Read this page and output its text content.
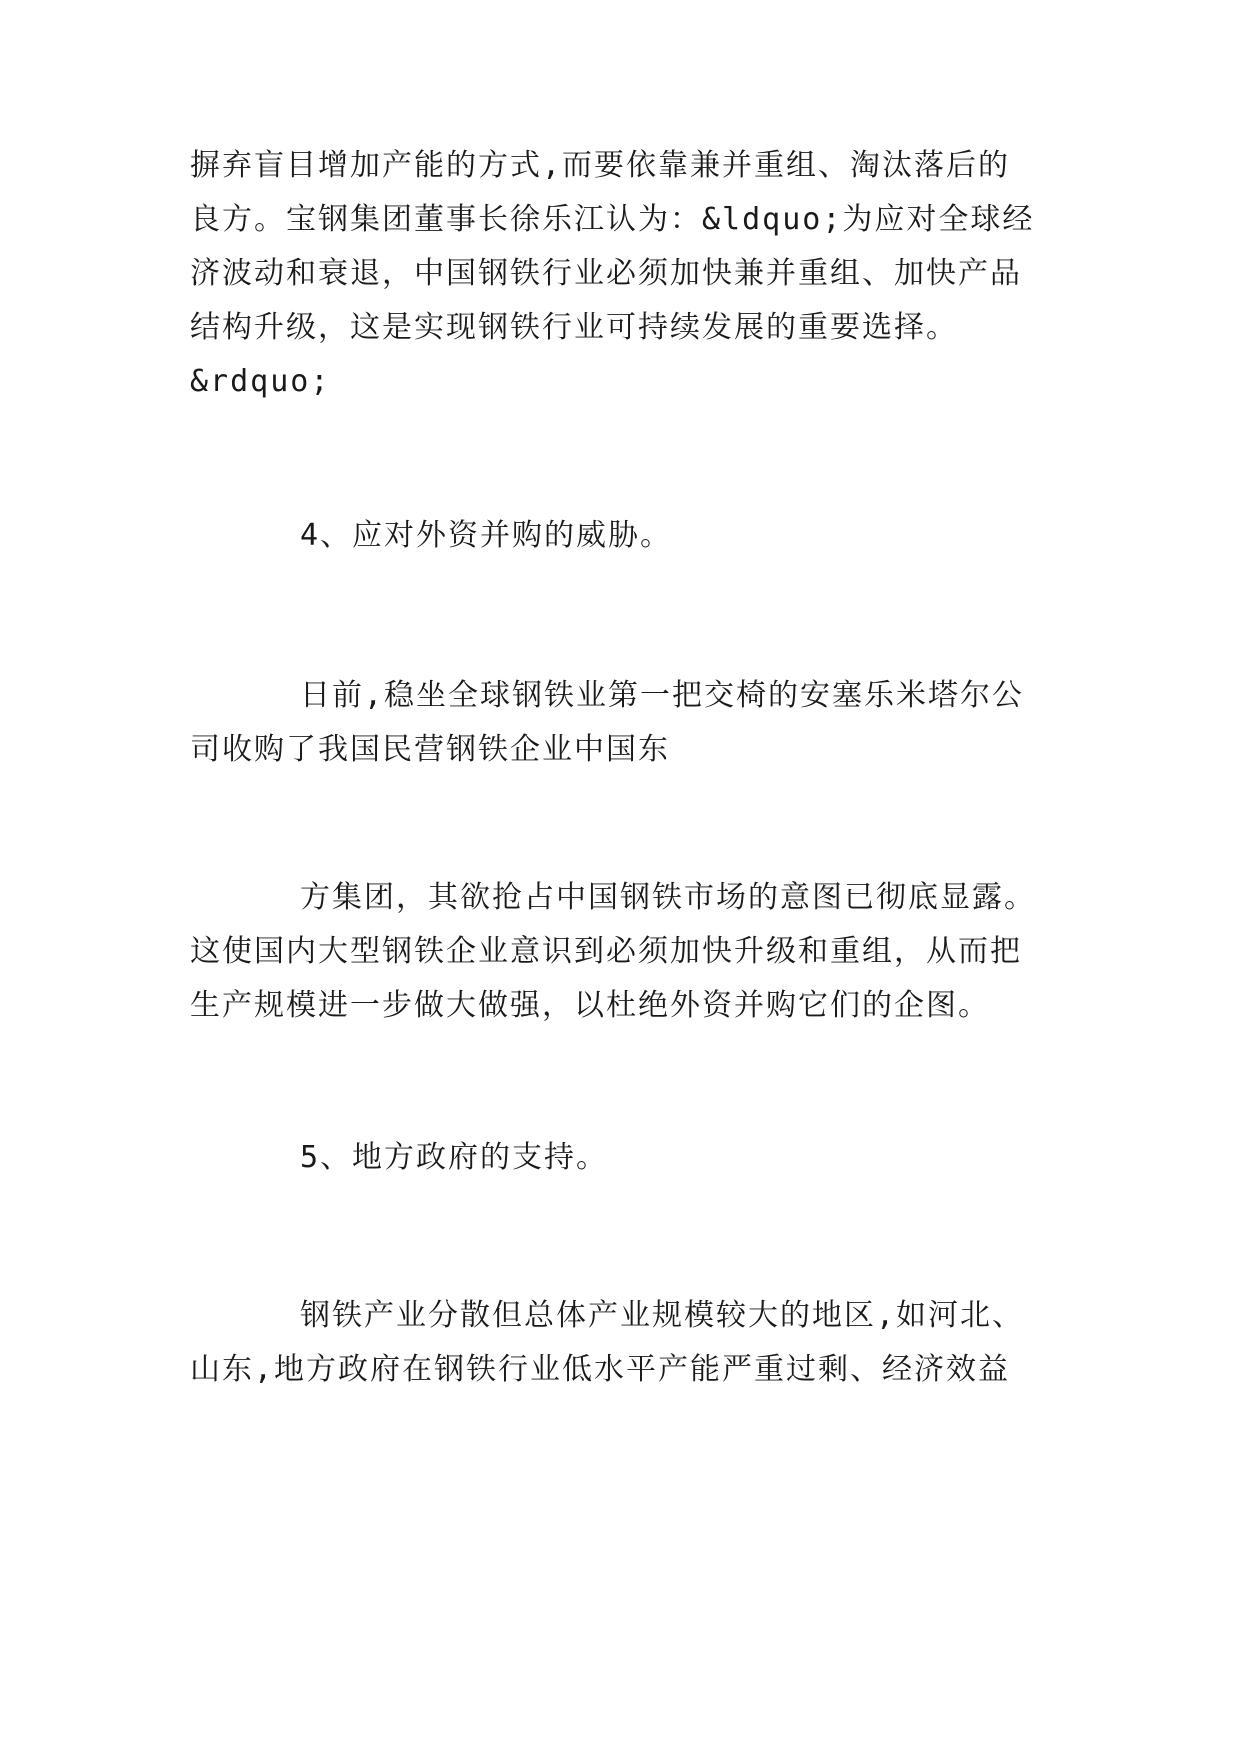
摒弃盲目增加产能的方式,而要依靠兼并重组、淘汰落后的
良方。宝钢集团董事长徐乐江认为：&ldquo;为应对全球经
济波动和衰退，中国钢铁行业必须加快兼并重组、加快产品
结构升级，这是实现钢铁行业可持续发展的重要选择。
&rdquo;
4、应对外资并购的威胁。
日前,稳坐全球钢铁业第一把交椅的安塞乐米塔尔公
司收购了我国民营钢铁企业中国东
方集团，其欲抢占中国钢铁市场的意图已彻底显露。
这使国内大型钢铁企业意识到必须加快升级和重组，从而把
生产规模进一步做大做强，以杜绝外资并购它们的企图。
5、地方政府的支持。
钢铁产业分散但总体产业规模较大的地区,如河北、
山东,地方政府在钢铁行业低水平产能严重过剩、经济效益
